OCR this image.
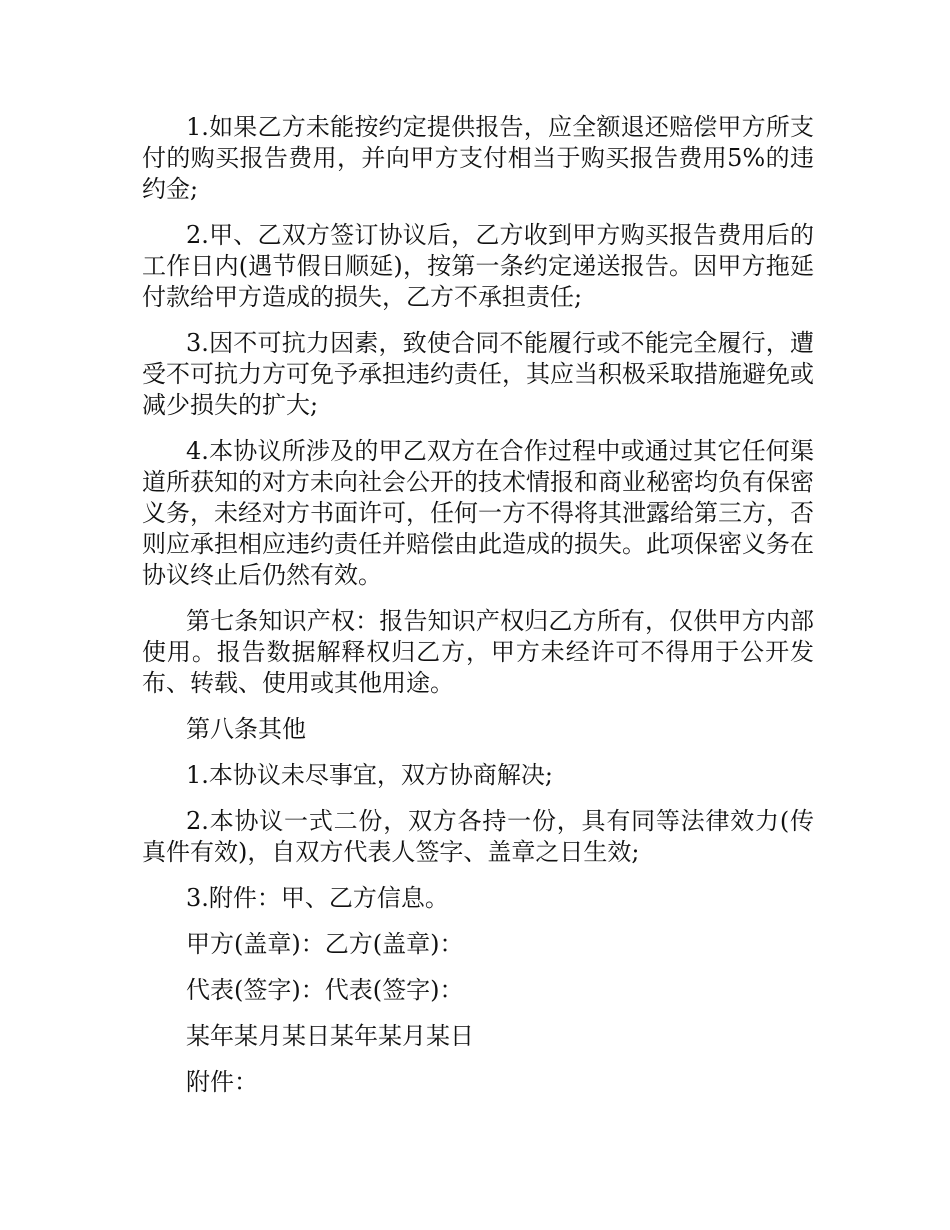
1.如果乙方未能按约定提供报告，应全额退还赔偿甲方所支付的购买报告费用，并向甲方支付相当于购买报告费用5%的违约金;

2.甲、乙双方签订协议后，乙方收到甲方购买报告费用后的工作日内(遇节假日顺延)，按第一条约定递送报告。因甲方拖延付款给甲方造成的损失，乙方不承担责任;

3.因不可抗力因素，致使合同不能履行或不能完全履行，遭受不可抗力方可免予承担违约责任，其应当积极采取措施避免或减少损失的扩大;

4.本协议所涉及的甲乙双方在合作过程中或通过其它任何渠道所获知的对方未向社会公开的技术情报和商业秘密均负有保密义务，未经对方书面许可，任何一方不得将其泄露给第三方，否则应承担相应违约责任并赔偿由此造成的损失。此项保密义务在协议终止后仍然有效。

第七条知识产权：报告知识产权归乙方所有，仅供甲方内部使用。报告数据解释权归乙方，甲方未经许可不得用于公开发布、转载、使用或其他用途。

第八条其他

1.本协议未尽事宜，双方协商解决;

2.本协议一式二份，双方各持一份，具有同等法律效力(传真件有效)，自双方代表人签字、盖章之日生效;

3.附件：甲、乙方信息。

甲方(盖章)：乙方(盖章)：

代表(签字)：代表(签字)：

某年某月某日某年某月某日

附件：
